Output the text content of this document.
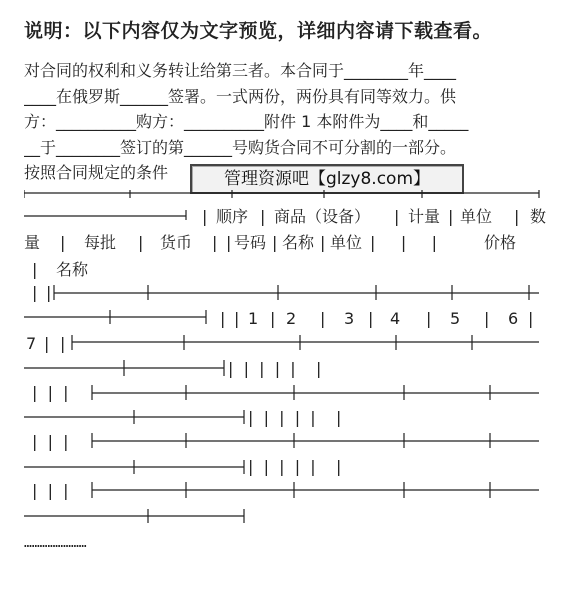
说明：以下内容仅为文字预览，详细内容请下载查看。
对合同的权利和义务转让给第三者。本合同于________年____
____在俄罗斯______签署。一式两份，两份具有同等效力。供
方：__________购方：__________附件 1 本附件为____和_____
__于________签订的第______号购货合同不可分割的一部分。
按照合同规定的条件	管理资源吧【glzy8.com】
| 顺序 | 商品（设备） | 计量 | 单位 | 数
量 | 每批 | 货币 | | 号码 | 名称 | 单位 |     |     |	价格
| 名称
| |
| | 1 | 2 | 3 | 4 | 5 | 6 |
7 | |
|  |  |  |  |    |
|  |  |
|  |  |  |  |    |
|  |  |
|  |  |  |  |    |
|  |  |
……………………
